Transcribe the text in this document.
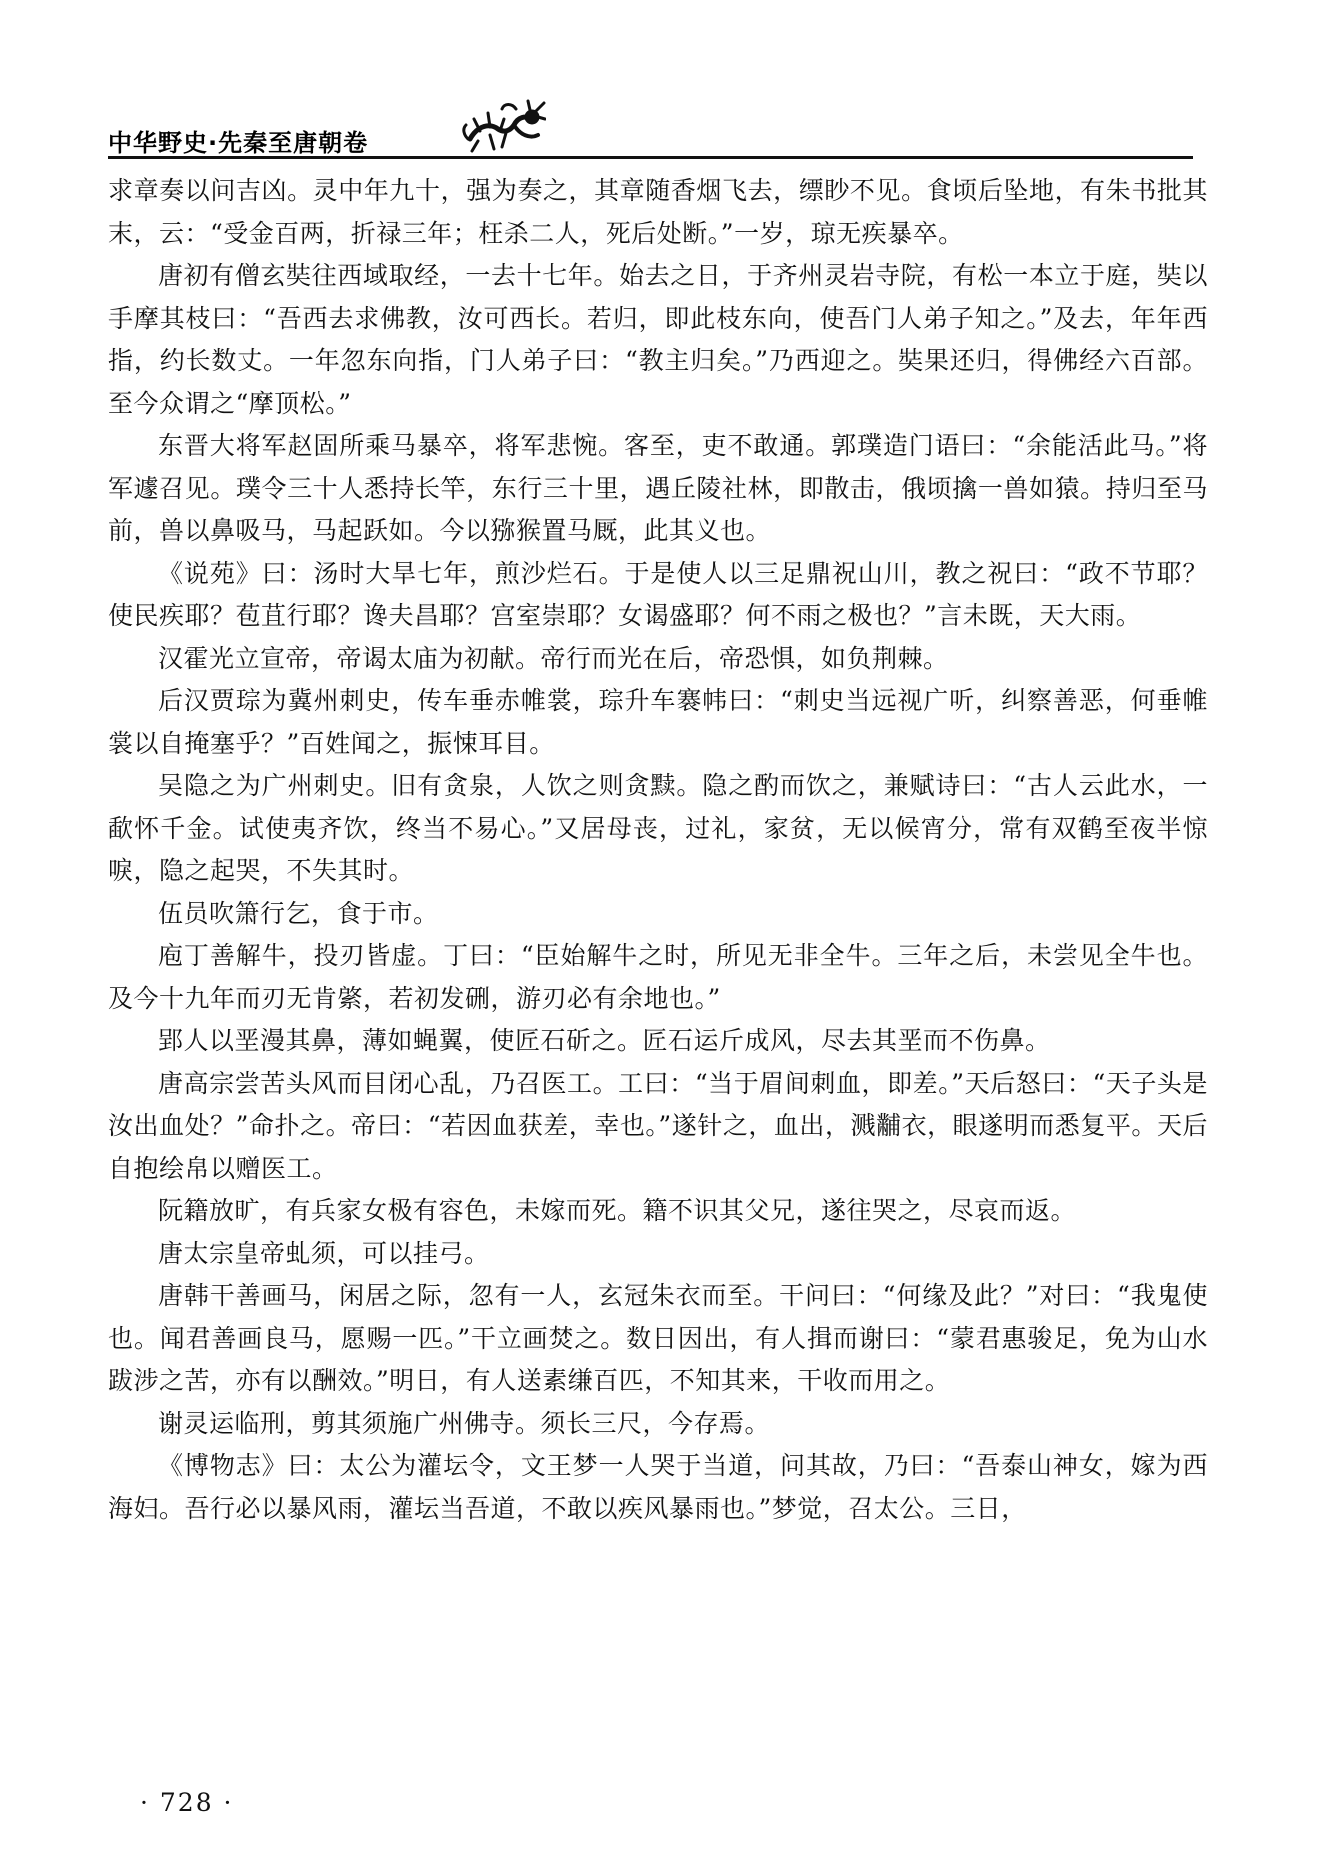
中华野史·先秦至唐朝卷

求章奏以问吉凶。灵中年九十，强为奏之，其章随香烟飞去，缥眇不见。食顷后坠地，有朱书批其末，云：“受金百两，折禄三年；枉杀二人，死后处断。”一岁，琼无疾暴卒。

唐初有僧玄奘往西域取经，一去十七年。始去之日，于齐州灵岩寺院，有松一本立于庭，奘以手摩其枝曰：“吾西去求佛教，汝可西长。若归，即此枝东向，使吾门人弟子知之。”及去，年年西指，约长数丈。一年忽东向指，门人弟子曰：“教主归矣。”乃西迎之。奘果还归，得佛经六百部。至今众谓之“摩顶松。”

东晋大将军赵固所乘马暴卒，将军悲惋。客至，吏不敢通。郭璞造门语曰：“余能活此马。”将军遽召见。璞令三十人悉持长竿，东行三十里，遇丘陵社林，即散击，俄顷擒一兽如猿。持归至马前，兽以鼻吸马，马起跃如。今以猕猴置马厩，此其义也。

《说苑》曰：汤时大旱七年，煎沙烂石。于是使人以三足鼎祝山川，教之祝曰：“政不节耶？使民疾耶？苞苴行耶？谗夫昌耶？宫室崇耶？女谒盛耶？何不雨之极也？”言未既，天大雨。

汉霍光立宣帝，帝谒太庙为初献。帝行而光在后，帝恐惧，如负荆棘。

后汉贾琮为冀州刺史，传车垂赤帷裳，琮升车褰帏曰：“刺史当远视广听，纠察善恶，何垂帷裳以自掩塞乎？”百姓闻之，振悚耳目。

吴隐之为广州刺史。旧有贪泉，人饮之则贪黩。隐之酌而饮之，兼赋诗曰：“古人云此水，一歃怀千金。试使夷齐饮，终当不易心。”又居母丧，过礼，家贫，无以候宵分，常有双鹤至夜半惊唳，隐之起哭，不失其时。

伍员吹箫行乞，食于市。

庖丁善解牛，投刃皆虚。丁曰：“臣始解牛之时，所见无非全牛。三年之后，未尝见全牛也。及今十九年而刃无肯綮，若初发硎，游刃必有余地也。”

郢人以垩漫其鼻，薄如蝇翼，使匠石斫之。匠石运斤成风，尽去其垩而不伤鼻。

唐高宗尝苦头风而目闭心乱，乃召医工。工曰：“当于眉间刺血，即差。”天后怒曰：“天子头是汝出血处？”命扑之。帝曰：“若因血获差，幸也。”遂针之，血出，溅黼衣，眼遂明而悉复平。天后自抱绘帛以赠医工。

阮籍放旷，有兵家女极有容色，未嫁而死。籍不识其父兄，遂往哭之，尽哀而返。

唐太宗皇帝虬须，可以挂弓。

唐韩干善画马，闲居之际，忽有一人，玄冠朱衣而至。干问曰：“何缘及此？”对曰：“我鬼使也。闻君善画良马，愿赐一匹。”干立画焚之。数日因出，有人揖而谢曰：“蒙君惠骏足，免为山水跋涉之苦，亦有以酬效。”明日，有人送素缣百匹，不知其来，干收而用之。

谢灵运临刑，剪其须施广州佛寺。须长三尺，今存焉。

《博物志》曰：太公为灌坛令，文王梦一人哭于当道，问其故，乃曰：“吾泰山神女，嫁为西海妇。吾行必以暴风雨，灌坛当吾道，不敢以疾风暴雨也。”梦觉，召太公。三日，

· 728 ·
